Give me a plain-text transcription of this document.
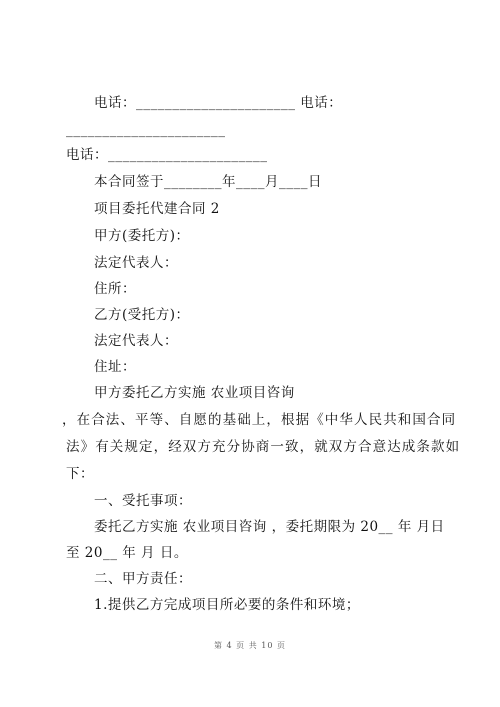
电话：______________________ 电话：
______________________
电话：______________________
本合同签于________年____月____日
项目委托代建合同 2
甲方(委托方)：
法定代表人：
住所：
乙方(受托方)：
法定代表人：
住址：
甲方委托乙方实施 农业项目咨询
，在合法、平等、自愿的基础上，根据《中华人民共和国合同
法》有关规定，经双方充分协商一致，就双方合意达成条款如
下：
一、受托事项：
委托乙方实施 农业项目咨询 ，委托期限为 20__ 年 月日
至 20__ 年 月 日。
二、甲方责任：
1.提供乙方完成项目所必要的条件和环境；
第 4 页 共 10 页
